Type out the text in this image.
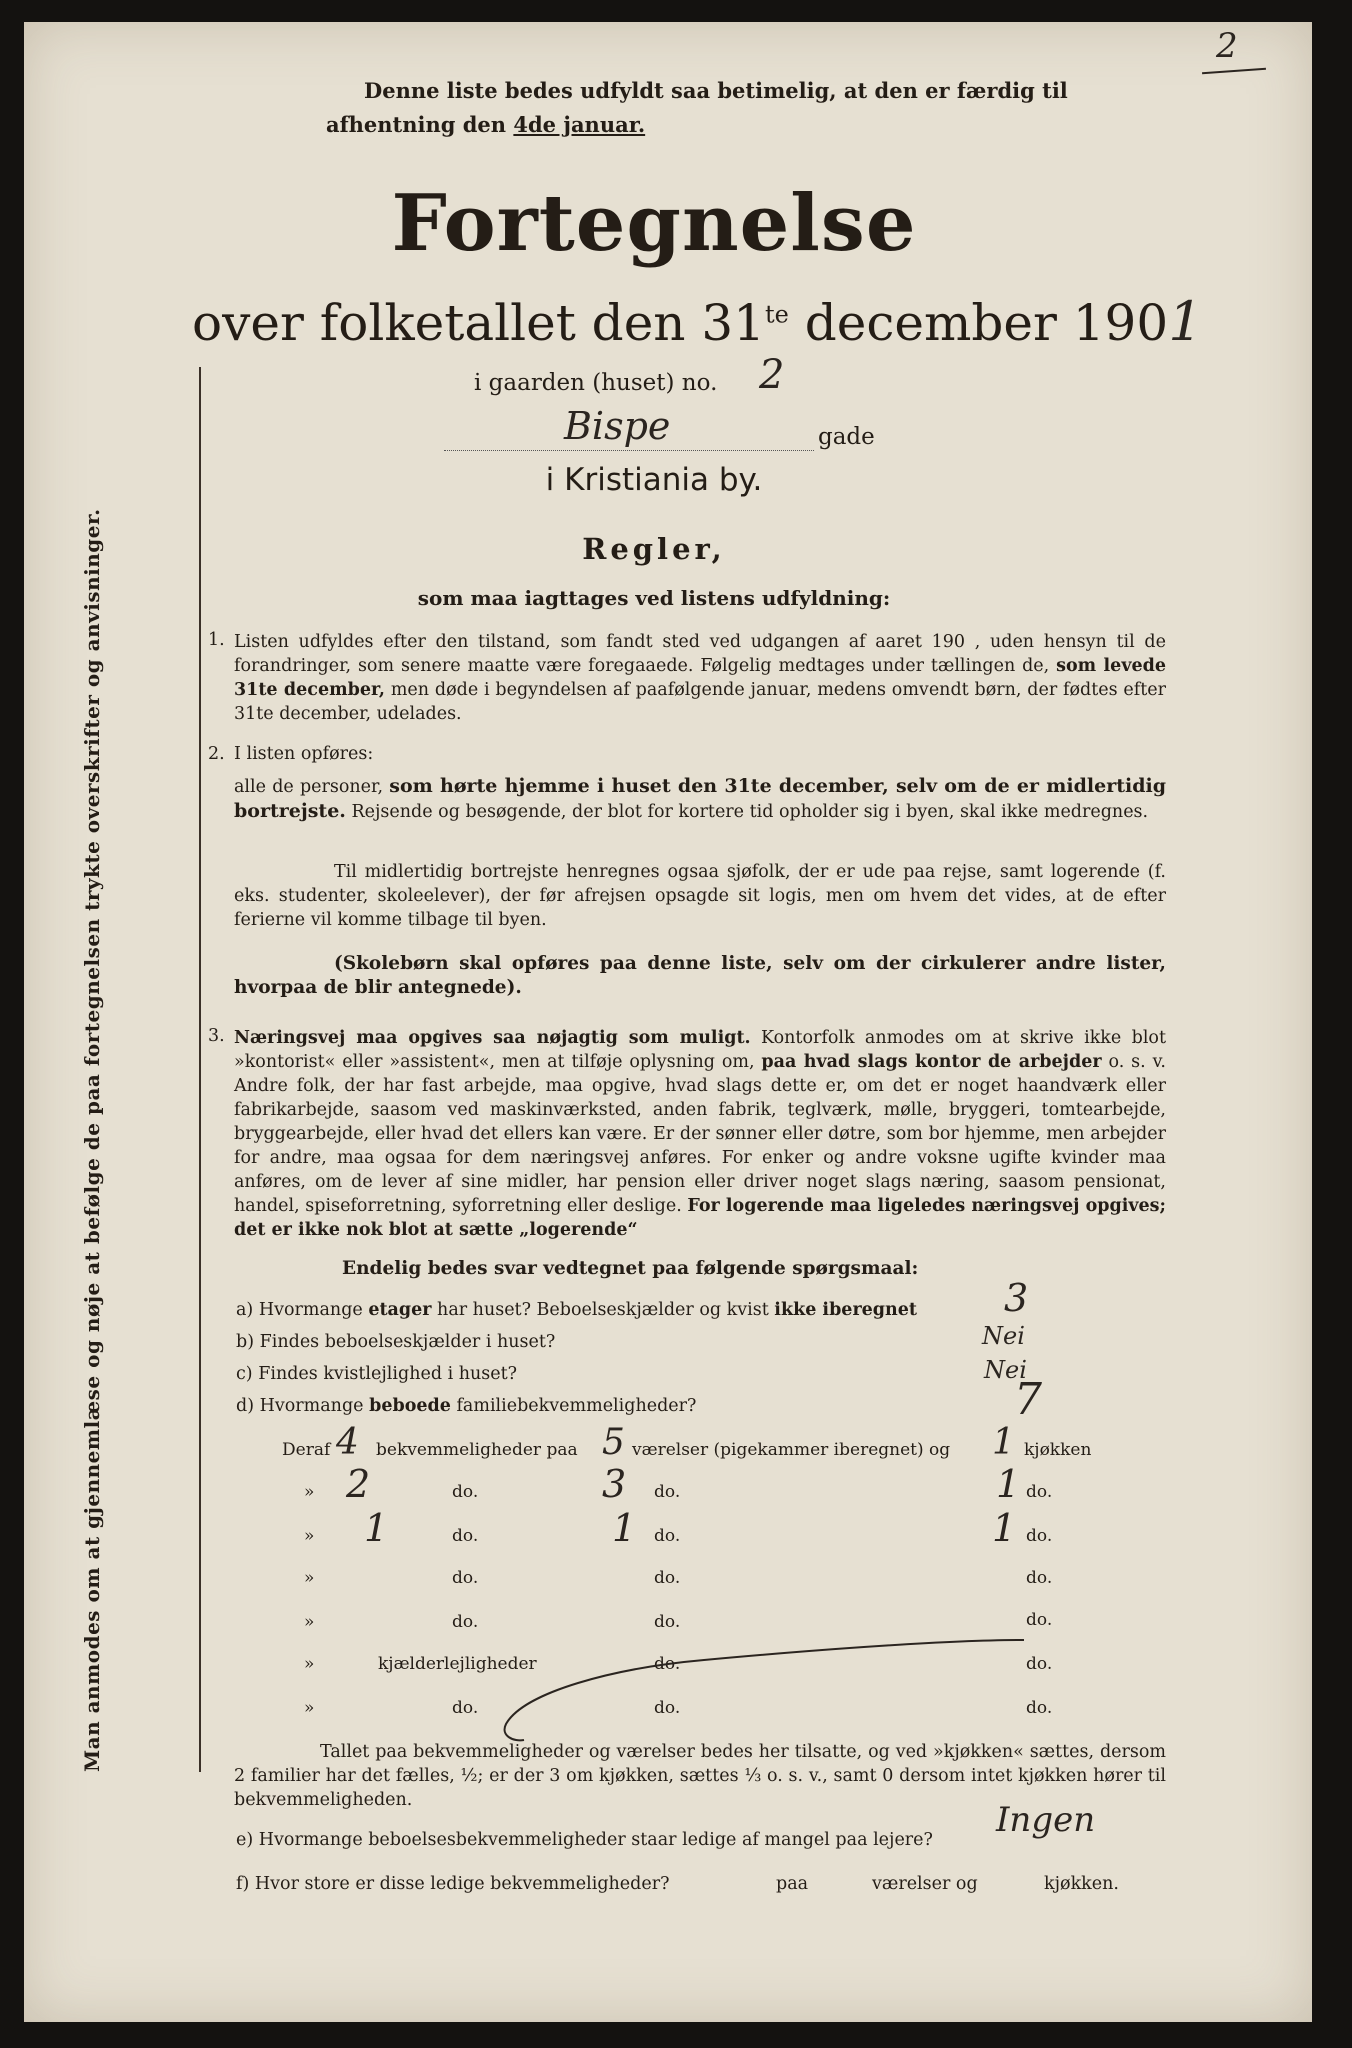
2
Denne liste bedes udfyldt saa betimelig, at den er færdig til
afhentning den 4de januar.
Fortegnelse
over folketallet den $31^{te}$ december 1901
i gaarden (huset) no. 2
Bispe	gade
i Kristiania by.
Man anmodes om at gjennemlæse og nøje at befølge de paa fortegnelsen trykte overskrifter og anvisninger.	Regler,
som maa iagttages ved listens udfyldning:
1. Listen udfyldes efter den tilstand, som fandt sted ved udgangen af aaret 190 , uden hensyn til de forandringer, som senere maatte være foregaaede. Følgelig medtages under tællingen de, som levede 31te december, men døde i begyndelsen af paafølgende januar, medens omvendt børn, der fødtes efter 31te december, udelades.
2. I listen opføres:
alle de personer, som hørte hjemme i huset den 31te december, selv om de er midlertidig bortrejste. Rejsende og besøgende, der blot for kortere tid opholder sig i byen, skal ikke medregnes.
Til midlertidig bortrejste henregnes ogsaa sjøfolk, der er ude paa rejse, samt logerende (f. eks. studenter, skoleelever), der før afrejsen opsagde sit logis, men om hvem det vides, at de efter ferierne vil komme tilbage til byen.
(Skolebørn skal opføres paa denne liste, selv om der cirkulerer andre lister, hvorpaa de blir antegnede).
3. Næringsvej maa opgives saa nøjagtig som muligt. Kontorfolk anmodes om at skrive ikke blot »kontorist« eller »assistent«, men at tilføje oplysning om, paa hvad slags kontor de arbejder o. s. v. Andre folk, der har fast arbejde, maa opgive, hvad slags dette er, om det er noget haandværk eller fabrikarbejde, saasom ved maskinværksted, anden fabrik, teglværk, mølle, bryggeri, tomtearbejde, bryggearbejde, eller hvad det ellers kan være. Er der sønner eller døtre, som bor hjemme, men arbejder for andre, maa ogsaa for dem næringsvej anføres. For enker og andre voksne ugifte kvinder maa anføres, om de lever af sine midler, har pension eller driver noget slags næring, saasom pensionat, handel, spiseforretning, syforretning eller deslige. For logerende maa ligeledes næringsvej opgives; det er ikke nok blot at sætte „logerende“
Endelig bedes svar vedtegnet paa følgende spørgsmaal:
a) Hvormange etager har huset? Beboelseskjælder og kvist ikke iberegnet 3
b) Findes beboelseskjælder i huset?	Nei
c) Findes kvistlejlighed i huset?	Nei
d) Hvormange beboede familiebekvemmeligheder?	7
Deraf 4 bekvemmeligheder paa 5 værelser (pigekammer iberegnet) og 1 kjøkken
» 2	do.	3 do.	1 do.
» 1	do.	1 do.	1 do.
»	do.	do.	do.
»	do.	do.	do.
»	kjælderlejligheder	do.	do.
»	do.	do.	do.
Tallet paa bekvemmeligheder og værelser bedes her tilsatte, og ved »kjøkken« sættes, dersom 2 familier har det fælles, ½; er der 3 om kjøkken, sættes ⅓ o. s. v., samt 0 dersom intet kjøkken hører til bekvemmeligheden.
e) Hvormange beboelsesbekvemmeligheder staar ledige af mangel paa lejere? Ingen
f) Hvor store er disse ledige bekvemmeligheder?	paa	værelser og	kjøkken.
